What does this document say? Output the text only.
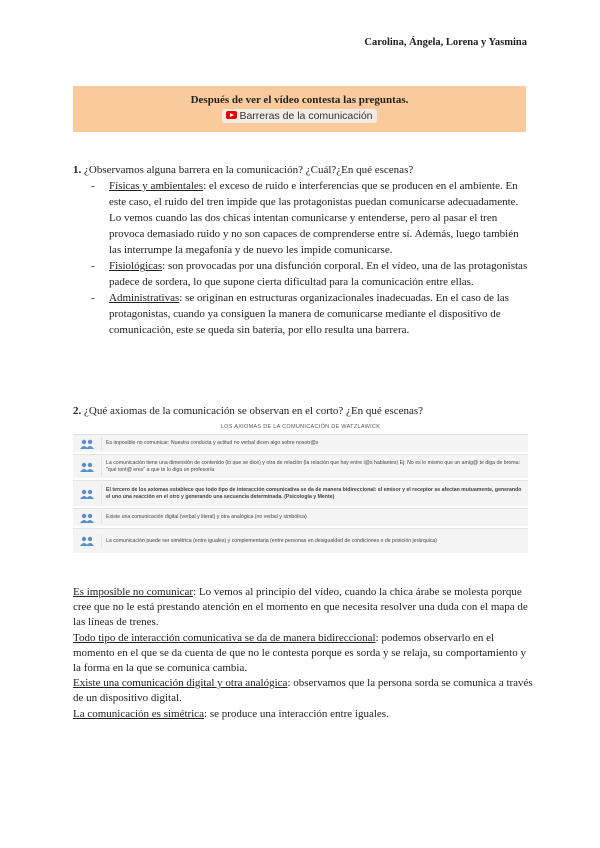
Carolina, Ángela, Lorena y Yasmina
Después de ver el vídeo contesta las preguntas.
Barreras de la comunicación
1. ¿Observamos alguna barrera en la comunicación? ¿Cuál?¿En qué escenas?
- Físicas y ambientales: el exceso de ruido e interferencias que se producen en el ambiente. En este caso, el ruido del tren impide que las protagonistas puedan comunicarse adecuadamente. Lo vemos cuando las dos chicas intentan comunicarse y entenderse, pero al pasar el tren provoca demasiado ruido y no son capaces de comprenderse entre sí. Además, luego también las interrumpe la megafonía y de nuevo les impide comunicarse.
- Fisiológicas: son provocadas por una disfunción corporal. En el vídeo, una de las protagonistas padece de sordera, lo que supone cierta dificultad para la comunicación entre ellas.
- Administrativas: se originan en estructuras organizacionales inadecuadas. En el caso de las protagonistas, cuando ya consiguen la manera de comunicarse mediante el dispositivo de comunicación, este se queda sin batería, por ello resulta una barrera.
2. ¿Qué axiomas de la comunicación se observan en el corto? ¿En qué escenas?
LOS AXIOMAS DE LA COMUNICACIÓN DE WATZLAWICK
Es imposible no comunicar: Nuestra conducta y actitud no verbal dicen algo sobre nosotr@s
La comunicación tiene una dimensión de contenido (lo que se dice) y otra de relación (la relación que hay entre l@s hablantes) Ej: No es lo mismo que un amig@ te diga de broma: "qué tont@ eres" a que te lo diga un profesor/a
El tercero de los axiomas establece que todo tipo de interacción comunicativa se da de manera bidireccional: el emisor y el receptor se afectan mutuamente, generando el uno una reacción en el otro y generando una secuencia determinada. (Psicología y Mente)
Existe una comunicación digital (verbal y literal) y otra analógica (no verbal y simbólica)
La comunicación puede ser simétrica (entre iguales) y complementaria (entre personas en desigualdad de condiciones o de posición jerárquica)

Es imposible no comunicar: Lo vemos al principio del vídeo, cuando la chica árabe se molesta porque cree que no le está prestando atención en el momento en que necesita resolver una duda con el mapa de las líneas de trenes.

Todo tipo de interacción comunicativa se da de manera bidireccional: podemos observarlo en el momento en el que se da cuenta de que no le contesta porque es sorda y se relaja, su comportamiento y la forma en la que se comunica cambia.

Existe una comunicación digital y otra analógica: observamos que la persona sorda se comunica a través de un dispositivo digital.

La comunicación es simétrica: se produce una interacción entre iguales.
